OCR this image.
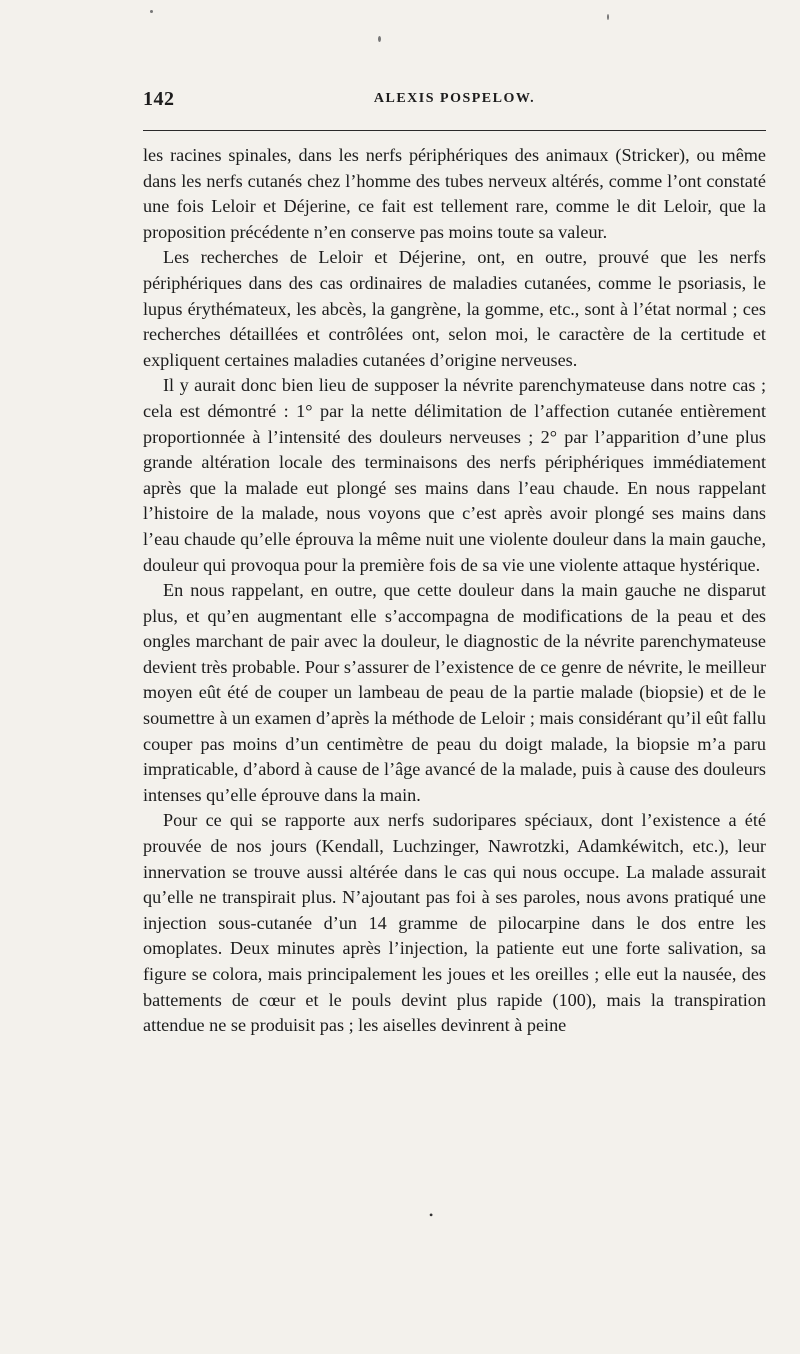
142	ALEXIS POSPELOW.

les racines spinales, dans les nerfs périphériques des animaux (Stricker), ou même dans les nerfs cutanés chez l’homme des tubes nerveux altérés, comme l’ont constaté une fois Leloir et Déjerine, ce fait est tellement rare, comme le dit Leloir, que la proposition précédente n’en conserve pas moins toute sa valeur.

Les recherches de Leloir et Déjerine, ont, en outre, prouvé que les nerfs périphériques dans des cas ordinaires de maladies cutanées, comme le psoriasis, le lupus érythémateux, les abcès, la gangrène, la gomme, etc., sont à l’état normal ; ces recherches détaillées et contrôlées ont, selon moi, le caractère de la certitude et expliquent certaines maladies cutanées d’origine nerveuses.

Il y aurait donc bien lieu de supposer la névrite parenchymateuse dans notre cas ; cela est démontré : 1° par la nette délimitation de l’affection cutanée entièrement proportionnée à l’intensité des douleurs nerveuses ; 2° par l’apparition d’une plus grande altération locale des terminaisons des nerfs périphériques immédiatement après que la malade eut plongé ses mains dans l’eau chaude. En nous rappelant l’histoire de la malade, nous voyons que c’est après avoir plongé ses mains dans l’eau chaude qu’elle éprouva la même nuit une violente douleur dans la main gauche, douleur qui provoqua pour la première fois de sa vie une violente attaque hystérique.

En nous rappelant, en outre, que cette douleur dans la main gauche ne disparut plus, et qu’en augmentant elle s’accompagna de modifications de la peau et des ongles marchant de pair avec la douleur, le diagnostic de la névrite parenchymateuse devient très probable. Pour s’assurer de l’existence de ce genre de névrite, le meilleur moyen eût été de couper un lambeau de peau de la partie malade (biopsie) et de le soumettre à un examen d’après la méthode de Leloir ; mais considérant qu’il eût fallu couper pas moins d’un centimètre de peau du doigt malade, la biopsie m’a paru impraticable, d’abord à cause de l’âge avancé de la malade, puis à cause des douleurs intenses qu’elle éprouve dans la main.

Pour ce qui se rapporte aux nerfs sudoripares spéciaux, dont l’existence a été prouvée de nos jours (Kendall, Luchzinger, Nawrotzki, Adamkéwitch, etc.), leur innervation se trouve aussi altérée dans le cas qui nous occupe. La malade assurait qu’elle ne transpirait plus. N’ajoutant pas foi à ses paroles, nous avons pratiqué une injection sous-cutanée d’un 14 gramme de pilocarpine dans le dos entre les omoplates. Deux minutes après l’injection, la patiente eut une forte salivation, sa figure se colora, mais principalement les joues et les oreilles ; elle eut la nausée, des battements de cœur et le pouls devint plus rapide (100), mais la transpiration attendue ne se produisit pas ; les aiselles devinrent à peine

•
